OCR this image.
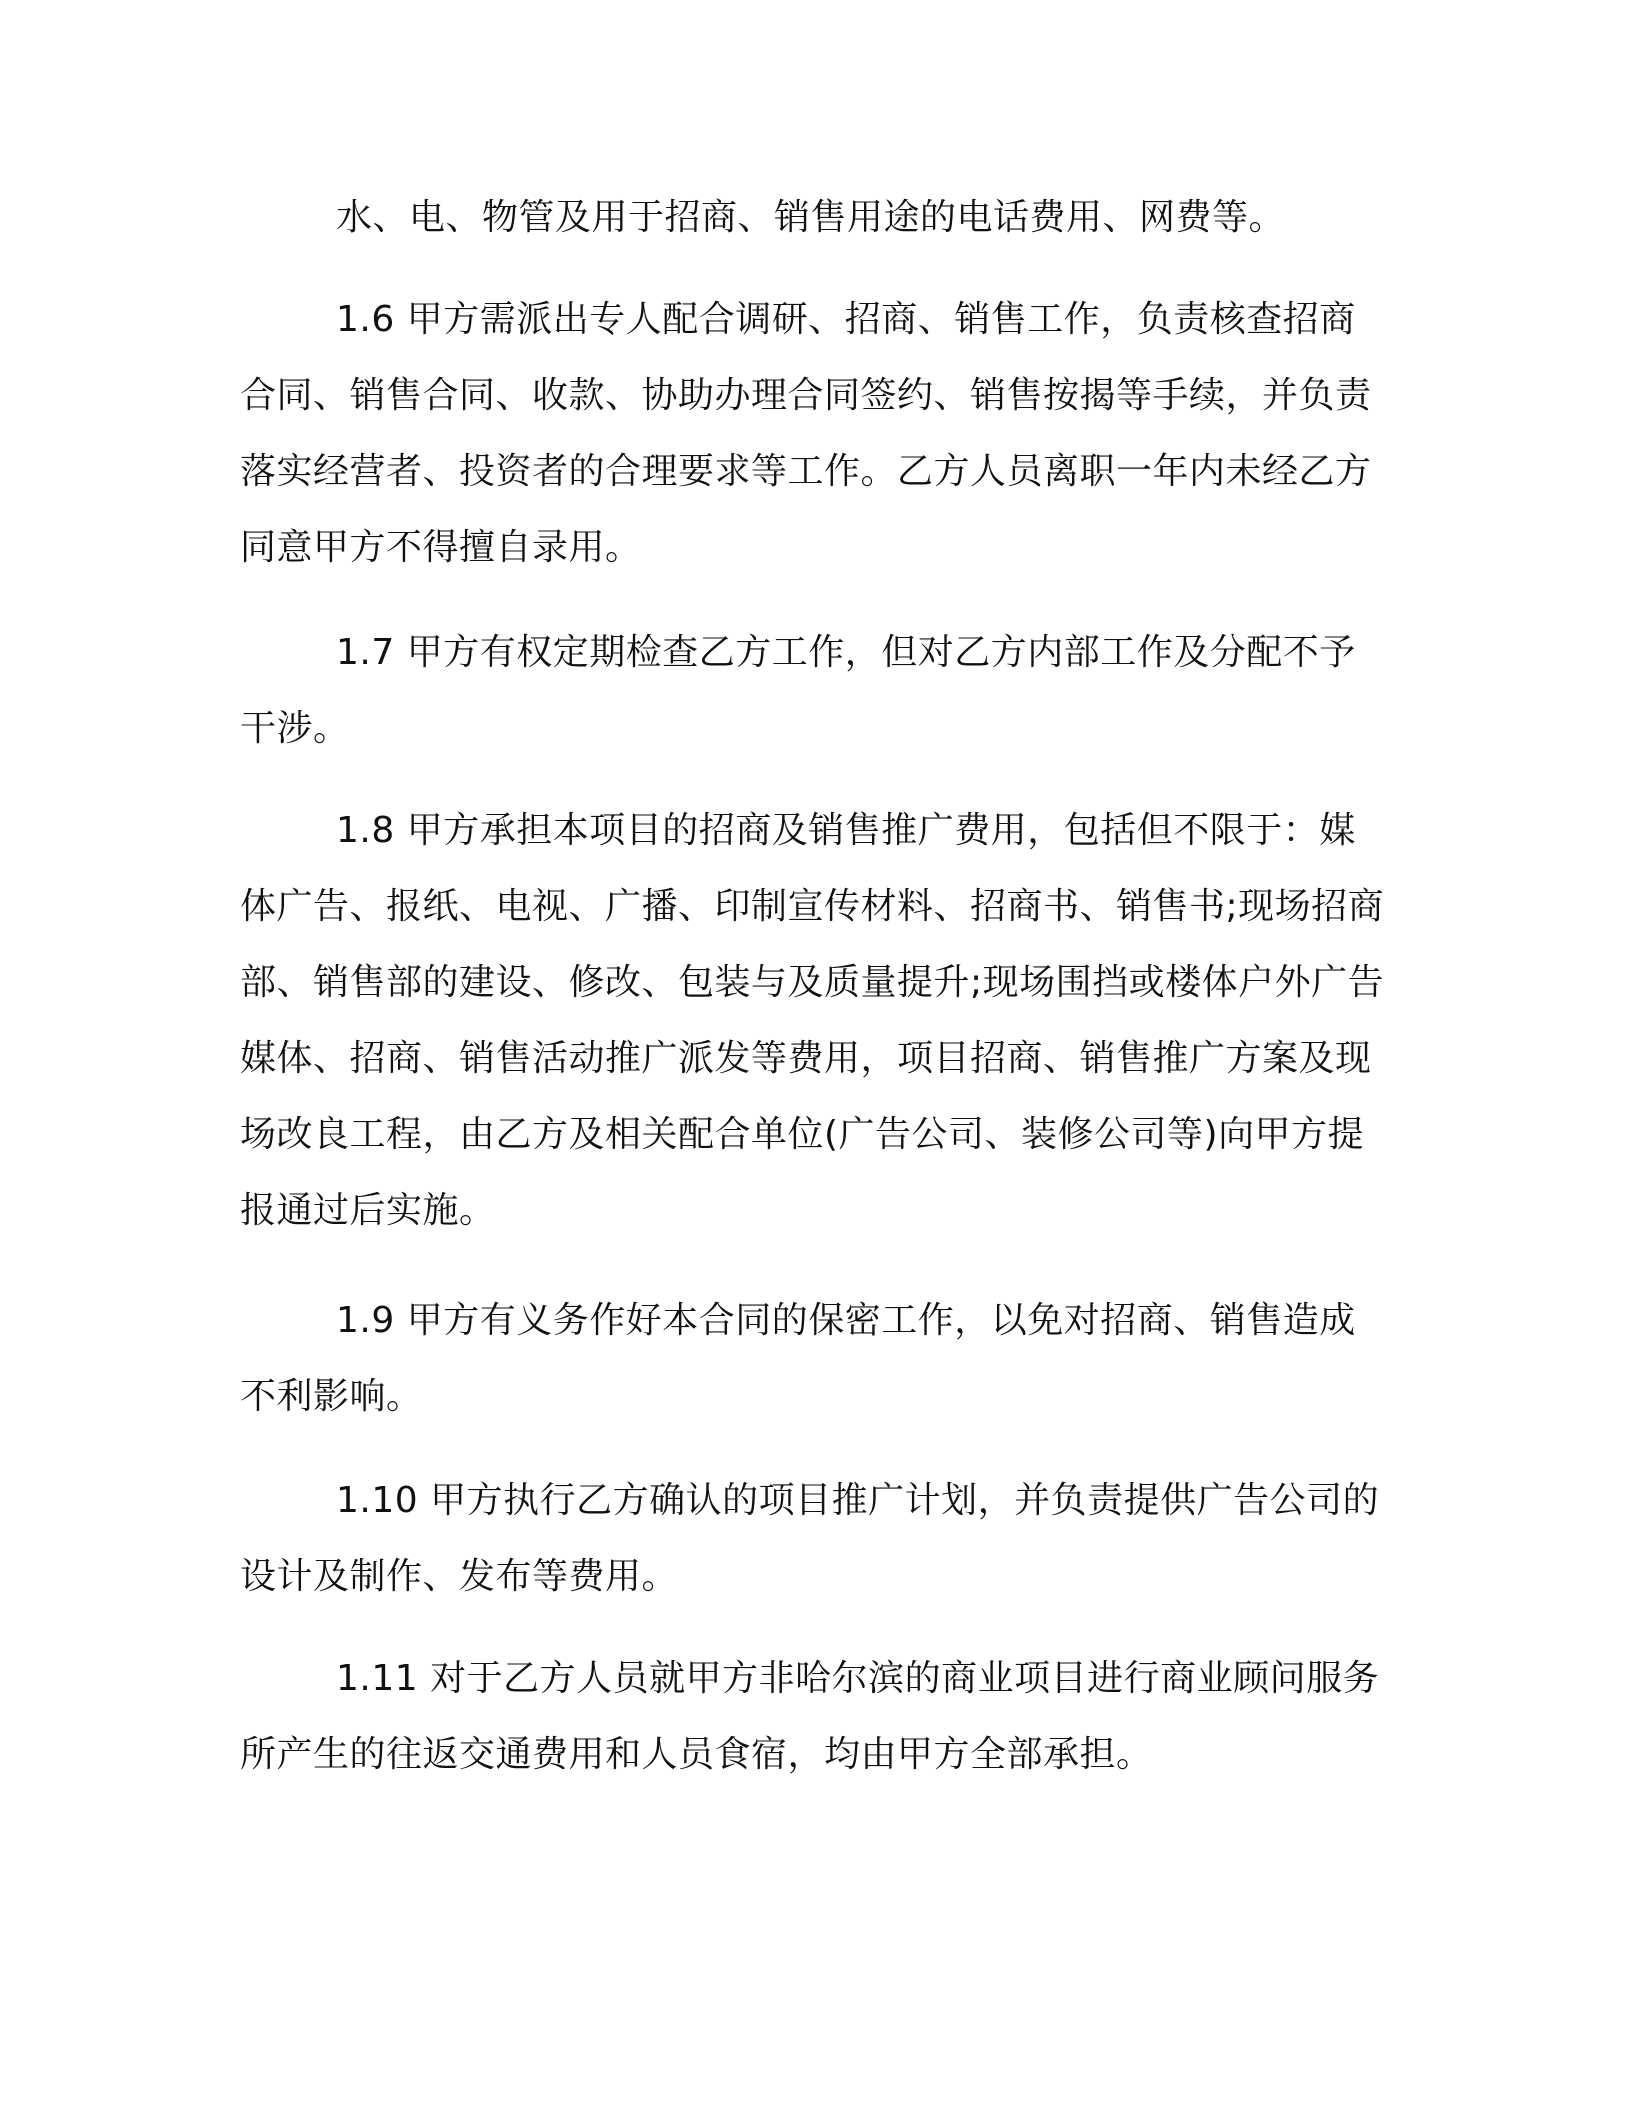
水、电、物管及用于招商、销售用途的电话费用、网费等。

1.6 甲方需派出专人配合调研、招商、销售工作，负责核查招商合同、销售合同、收款、协助办理合同签约、销售按揭等手续，并负责落实经营者、投资者的合理要求等工作。乙方人员离职一年内未经乙方同意甲方不得擅自录用。

1.7 甲方有权定期检查乙方工作，但对乙方内部工作及分配不予干涉。

1.8 甲方承担本项目的招商及销售推广费用，包括但不限于：媒体广告、报纸、电视、广播、印制宣传材料、招商书、销售书;现场招商部、销售部的建设、修改、包装与及质量提升;现场围挡或楼体户外广告媒体、招商、销售活动推广派发等费用，项目招商、销售推广方案及现场改良工程，由乙方及相关配合单位(广告公司、装修公司等)向甲方提报通过后实施。

1.9 甲方有义务作好本合同的保密工作，以免对招商、销售造成不利影响。

1.10 甲方执行乙方确认的项目推广计划，并负责提供广告公司的设计及制作、发布等费用。

1.11 对于乙方人员就甲方非哈尔滨的商业项目进行商业顾问服务所产生的往返交通费用和人员食宿，均由甲方全部承担。
